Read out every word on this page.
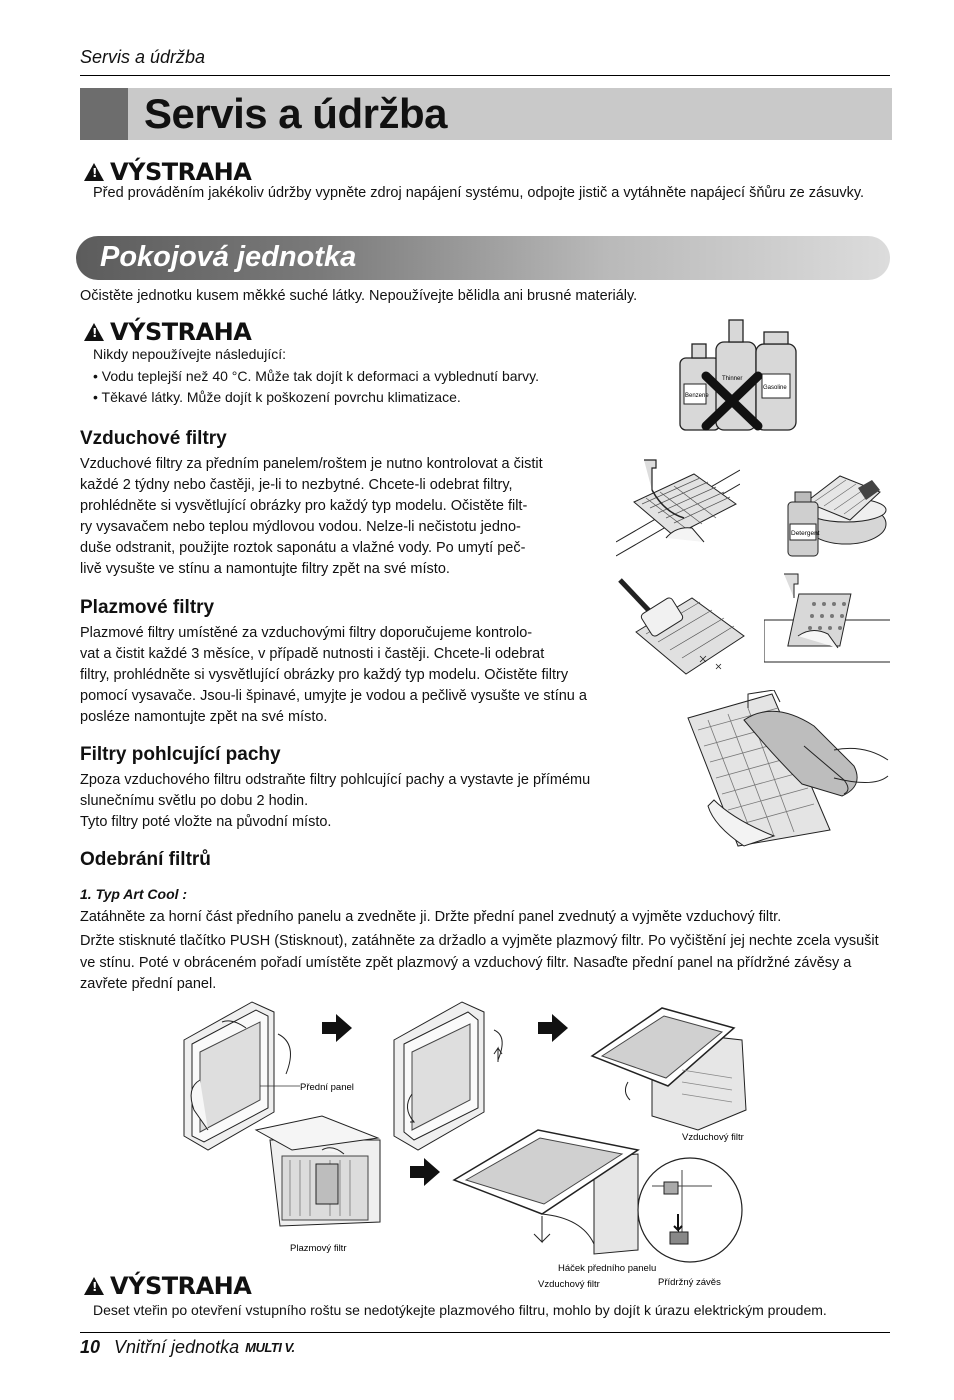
Servis a údržba
Servis a údržba
! VÝSTRAHA
Před prováděním jakékoliv údržby vypněte zdroj napájení systému, odpojte jistič a vytáhněte napájecí šňůru ze zásuvky.
Pokojová jednotka
Očistěte jednotku kusem měkké suché látky. Nepoužívejte bělidla ani brusné materiály.
! VÝSTRAHA
Nikdy nepoužívejte následující:
• Vodu teplejší než 40 °C. Může tak dojít k deformaci a vyblednutí barvy.
• Těkavé látky. Může dojít k poškození povrchu klimatizace.	Benzene
Thinner
Gasoline
Vzduchové filtry
Vzduchové filtry za předním panelem/roštem je nutno kontrolovat a čistit
každé 2 týdny nebo častěji, je-li to nezbytné. Chcete-li odebrat filtry,
prohlédněte si vysvětlující obrázky pro každý typ modelu. Očistěte filt-
ry vysavačem nebo teplou mýdlovou vodou. Nelze-li nečistotu jedno-
duše odstranit, použijte roztok saponátu a vlažné vody. Po umytí peč-
livě vysušte ve stínu a namontujte filtry zpět na své místo.
Detergent
Plazmové filtry
Plazmové filtry umístěné za vzduchovými filtry doporučujeme kontrolo-
vat a čistit každé 3 měsíce, v případě nutnosti i častěji. Chcete-li odebrat
filtry, prohlédněte si vysvětlující obrázky pro každý typ modelu. Očistěte filtry
pomocí vysavače. Jsou-li špinavé, umyjte je vodou a pečlivě vysušte ve stínu a
posléze namontujte zpět na své místo.
Filtry pohlcující pachy
Zpoza vzduchového filtru odstraňte filtry pohlcující pachy a vystavte je přímému
slunečnímu světlu po dobu 2 hodin.
Tyto filtry poté vložte na původní místo.
Odebrání filtrů
1. Typ Art Cool :
Zatáhněte za horní část předního panelu a zvedněte ji. Držte přední panel zvednutý a vyjměte vzduchový filtr.
Držte stisknuté tlačítko PUSH (Stisknout), zatáhněte za držadlo a vyjměte plazmový filtr. Po vyčištění jej nechte zcela vysušit ve stínu. Poté v obráceném pořadí umístěte zpět plazmový a vzduchový filtr. Nasaďte přední panel na přídržné závěsy a zavřete přední panel.
Přední panel
Vzduchový filtr
Plazmový filtr
Háček předního panelu
Vzduchový filtr	Přídržný závěs
! VÝSTRAHA
Deset vteřin po otevření vstupního roštu se nedotýkejte plazmového filtru, mohlo by dojít k úrazu elektrickým proudem.
10 Vnitřní jednotka MULTI V.
